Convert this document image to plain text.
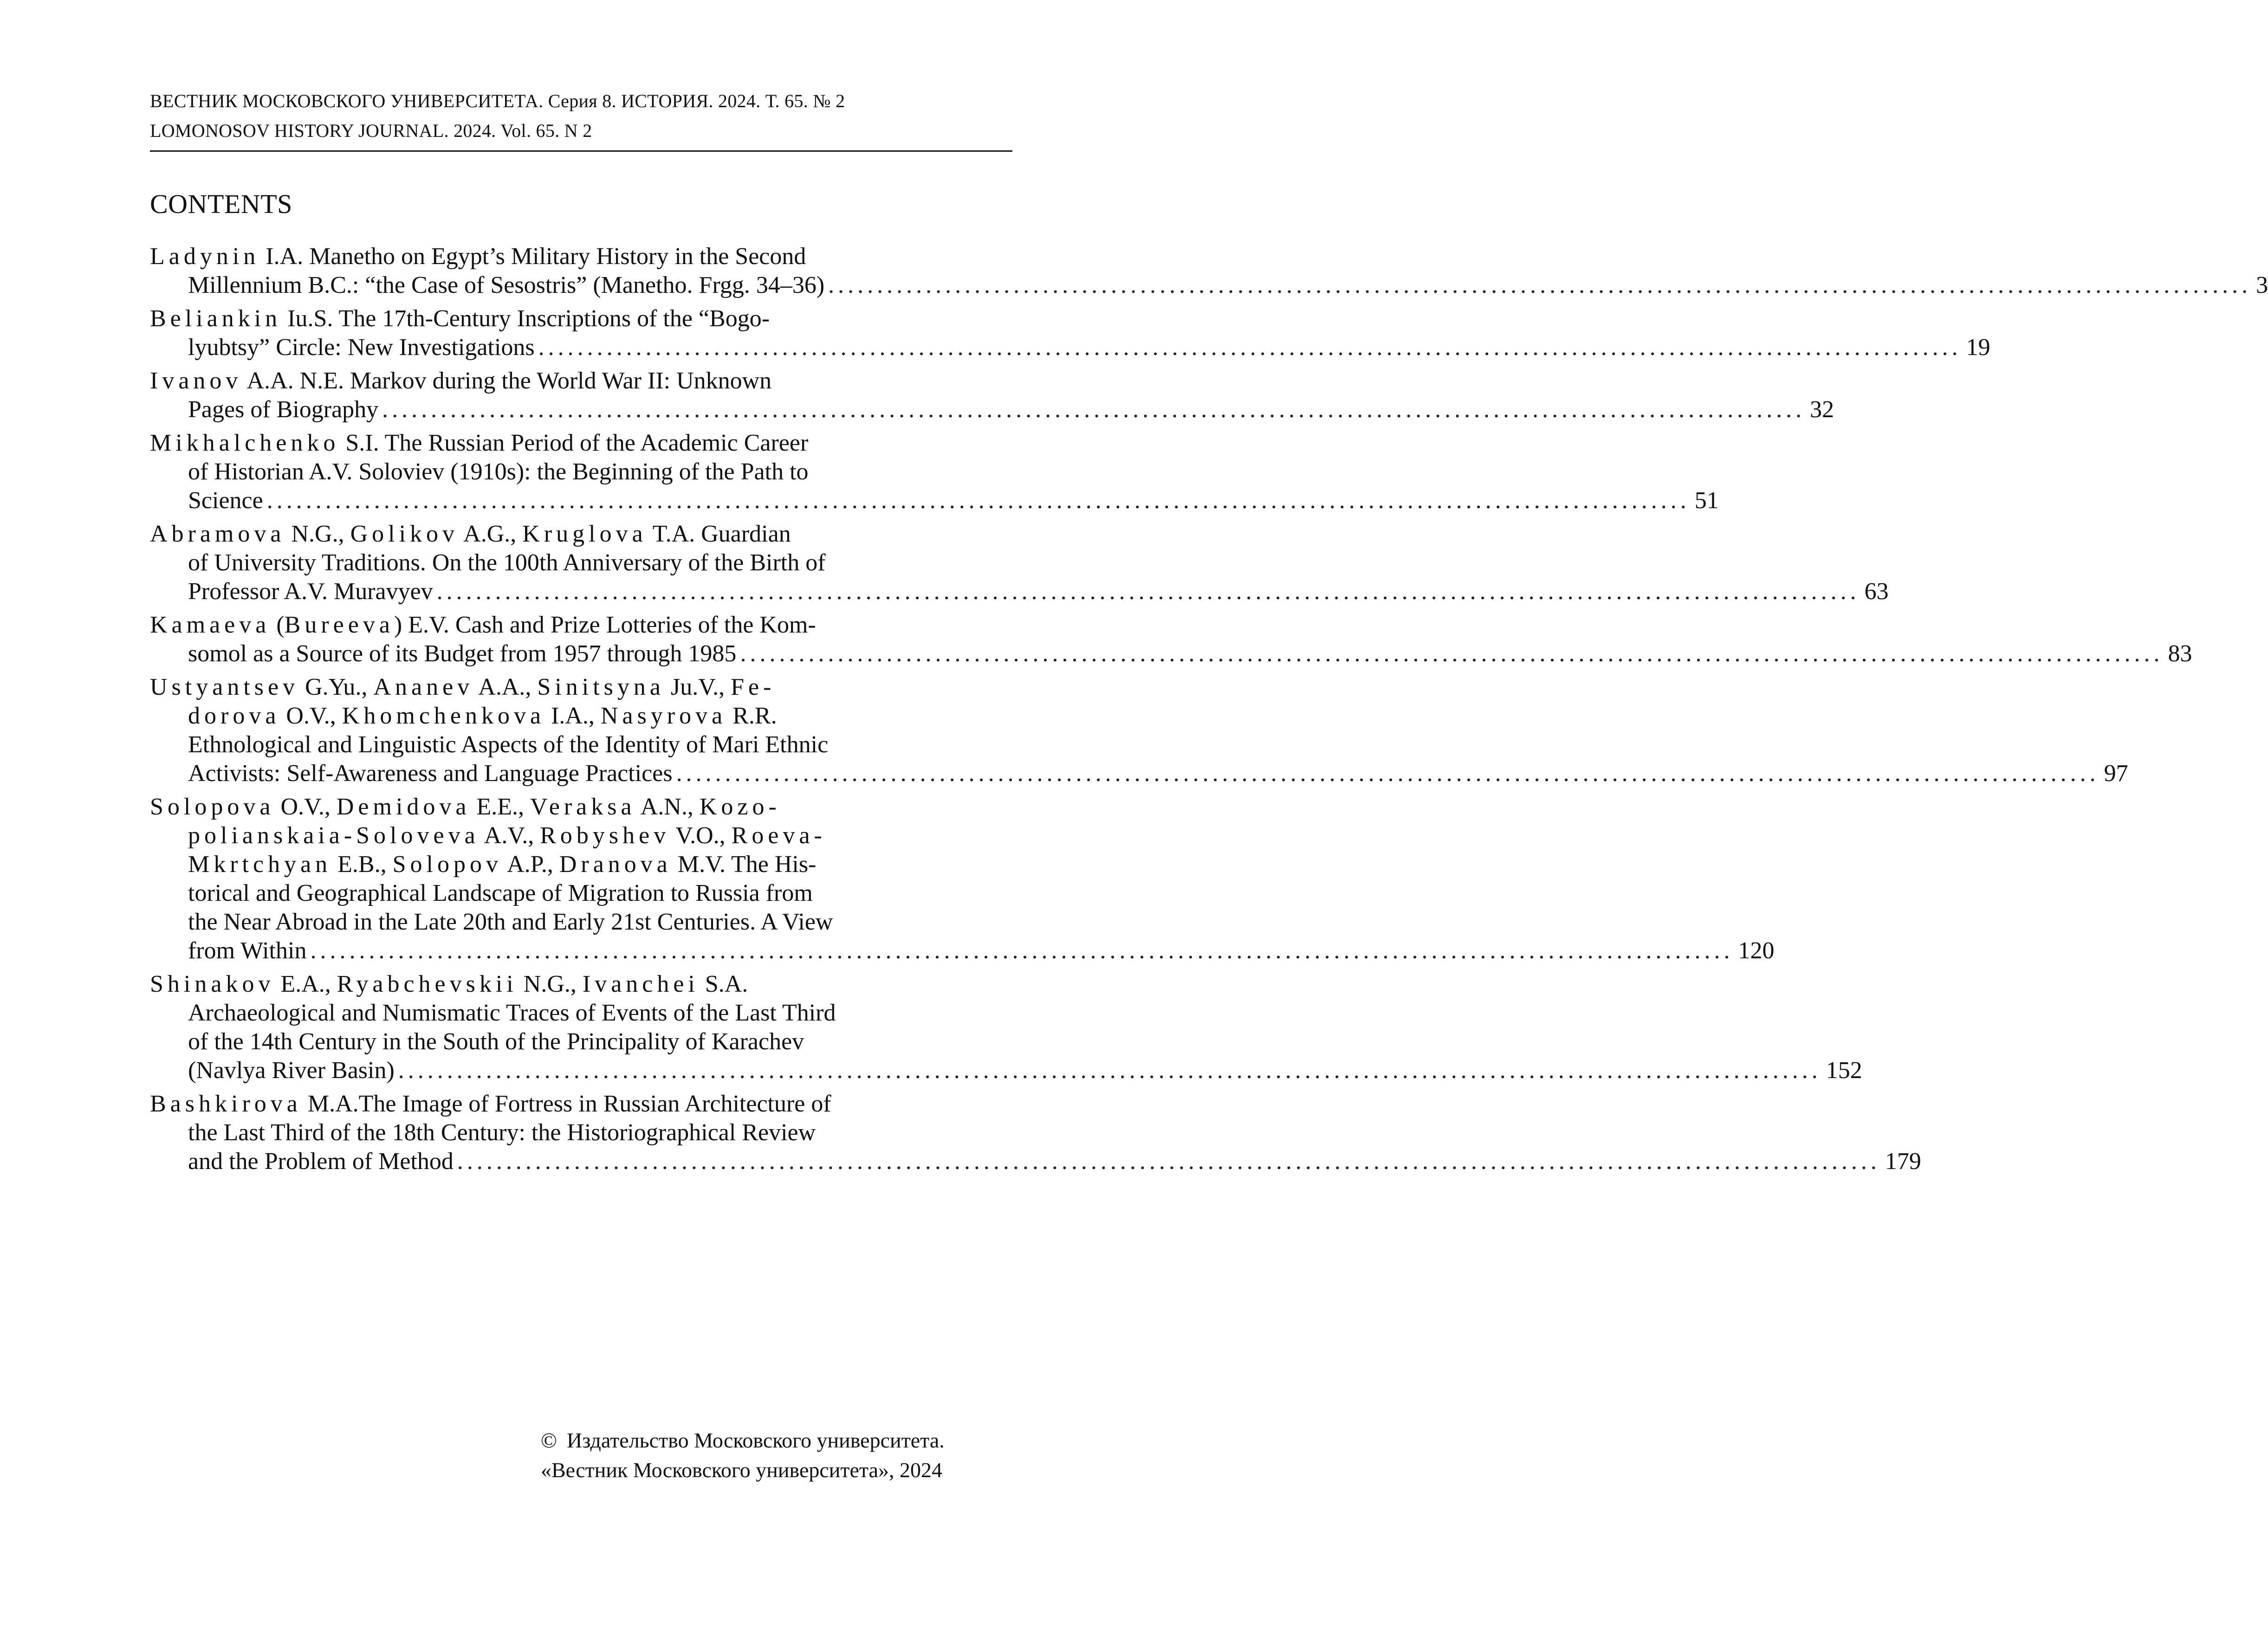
ВЕСТНИК МОСКОВСКОГО УНИВЕРСИТЕТА. Серия 8. ИСТОРИЯ. 2024. Т. 65. № 2
LOMONOSOV HISTORY JOURNAL. 2024. Vol. 65. N 2
CONTENTS
Ladynin I.A. Manetho on Egypt’s Military History in the Second
Millennium B.C.: “the Case of Sesostris” (Manetho. Frgg. 34–36) .................................................................................................................................................. 3
Beliankin Iu.S. The 17th-Century Inscriptions of the “Bogo-
lyubtsy” Circle: New Investigations .................................................................................................................................................. 19
Ivanov A.A. N.E. Markov during the World War II: Unknown
Pages of Biography .................................................................................................................................................. 32
Mikhalchenko S.I. The Russian Period of the Academic Career
of Historian A.V. Soloviev (1910s): the Beginning of the Path to
Science .................................................................................................................................................. 51
Abramova N.G., Golikov A.G., Kruglova T.A. Guardian
of University Traditions. On the 100th Anniversary of the Birth of
Professor A.V. Muravyev .................................................................................................................................................. 63
Kamaeva (Bureeva) E.V. Cash and Prize Lotteries of the Kom-
somol as a Source of its Budget from 1957 through 1985 .................................................................................................................................................. 83
Ustyantsev G.Yu., Ananev A.A., Sinitsyna Ju.V., Fe-
dorova O.V., Khomchenkova I.A., Nasyrova R.R.
Ethnological and Linguistic Aspects of the Identity of Mari Ethnic
Activists: Self-Awareness and Language Practices .................................................................................................................................................. 97
Solopova O.V., Demidova E.E., Veraksa A.N., Kozo-
polianskaia-Soloveva A.V., Robyshev V.O., Roeva-
Mkrtchyan E.B., Solopov A.P., Dranova M.V. The His-
torical and Geographical Landscape of Migration to Russia from
the Near Abroad in the Late 20th and Early 21st Centuries. A View
from Within .................................................................................................................................................. 120
Shinakov E.A., Ryabchevskii N.G., Ivanchei S.A.
Archaeological and Numismatic Traces of Events of the Last Third
of the 14th Century in the South of the Principality of Karachev
(Navlya River Basin) .................................................................................................................................................. 152
Bashkirova M.A.The Image of Fortress in Russian Architecture of
the Last Third of the 18th Century: the Historiographical Review
and the Problem of Method .................................................................................................................................................. 179
© Издательство Московского университета.
«Вестник Московского университета», 2024
